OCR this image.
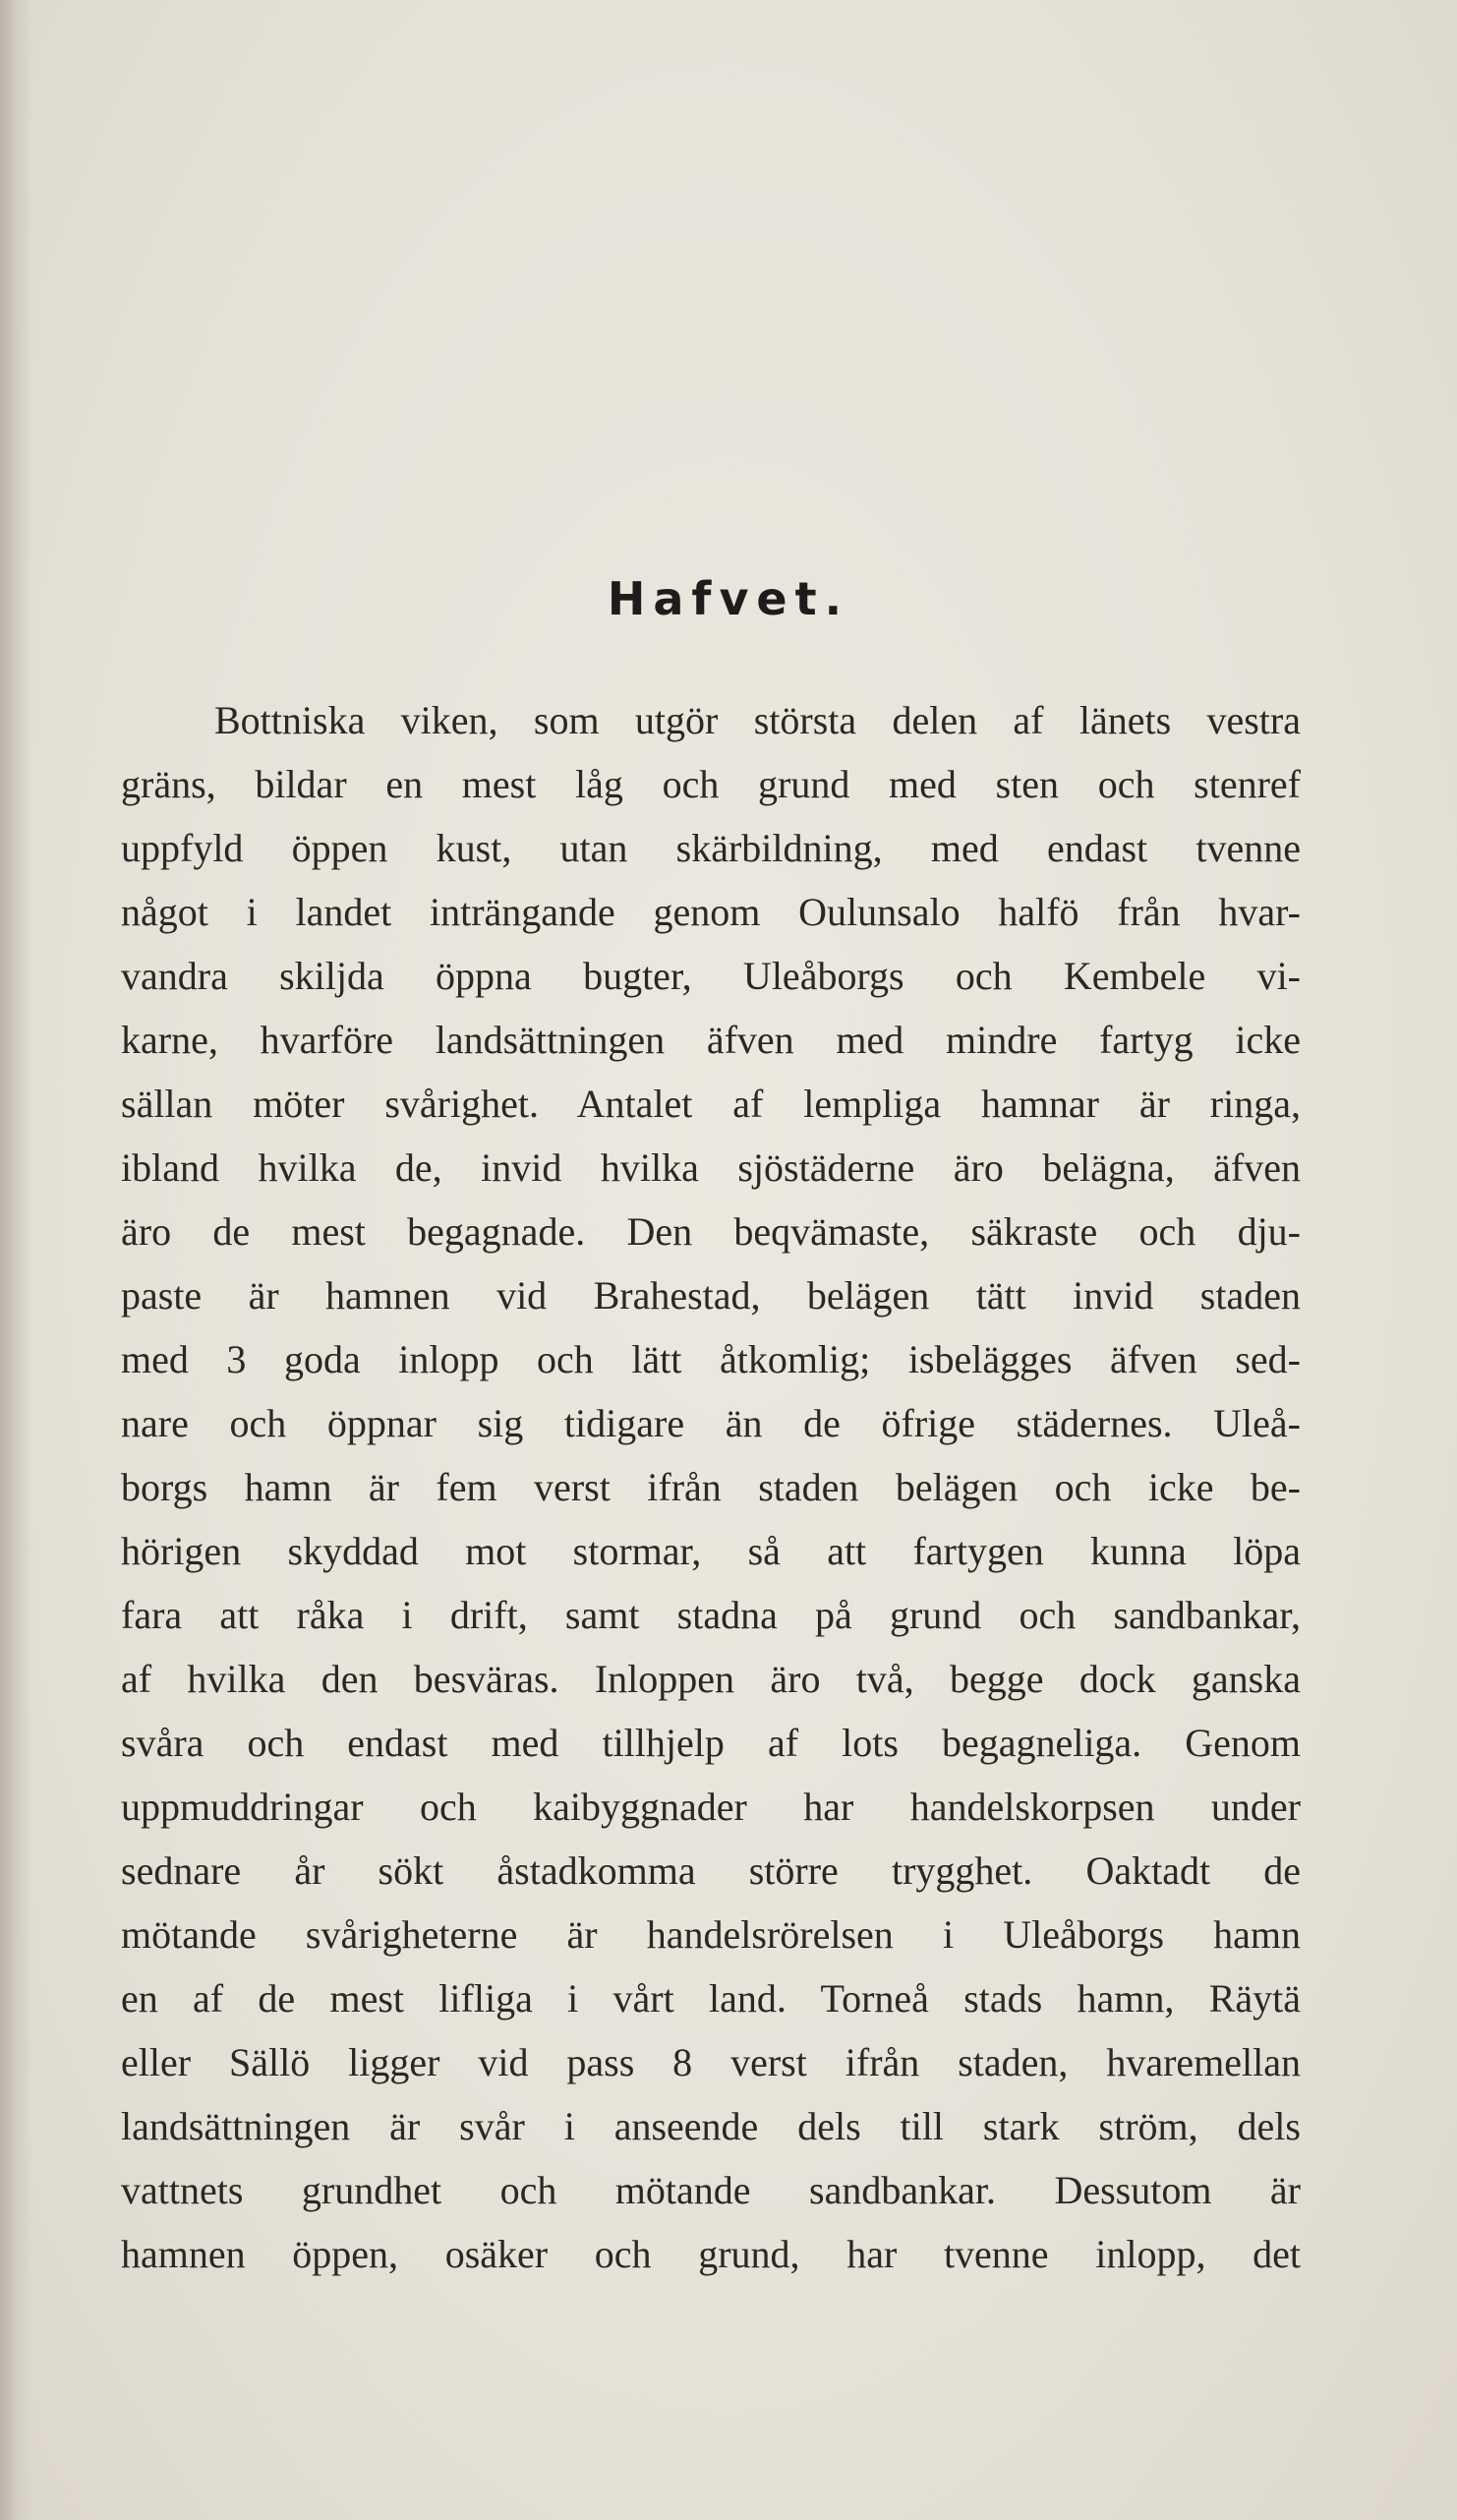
Hafvet.
Bottniska viken, som utgör största delen af länets vestra
gräns, bildar en mest låg och grund med sten och stenref
uppfyld öppen kust, utan skärbildning, med endast tvenne
något i landet inträngande genom Oulunsalo halfö från hvar-
vandra skiljda öppna bugter, Uleåborgs och Kembele vi-
karne, hvarföre landsättningen äfven med mindre fartyg icke
sällan möter svårighet. Antalet af lempliga hamnar är ringa,
ibland hvilka de, invid hvilka sjöstäderne äro belägna, äfven
äro de mest begagnade. Den beqvämaste, säkraste och dju-
paste är hamnen vid Brahestad, belägen tätt invid staden
med 3 goda inlopp och lätt åtkomlig; isbelägges äfven sed-
nare och öppnar sig tidigare än de öfrige städernes. Uleå-
borgs hamn är fem verst ifrån staden belägen och icke be-
hörigen skyddad mot stormar, så att fartygen kunna löpa
fara att råka i drift, samt stadna på grund och sandbankar,
af hvilka den besväras. Inloppen äro två, begge dock ganska
svåra och endast med tillhjelp af lots begagneliga. Genom
uppmuddringar och kaibyggnader har handelskorpsen under
sednare år sökt åstadkomma större trygghet. Oaktadt de
mötande svårigheterne är handelsrörelsen i Uleåborgs hamn
en af de mest lifliga i vårt land. Torneå stads hamn, Räytä
eller Sällö ligger vid pass 8 verst ifrån staden, hvaremellan
landsättningen är svår i anseende dels till stark ström, dels
vattnets grundhet och mötande sandbankar. Dessutom är
hamnen öppen, osäker och grund, har tvenne inlopp, det
